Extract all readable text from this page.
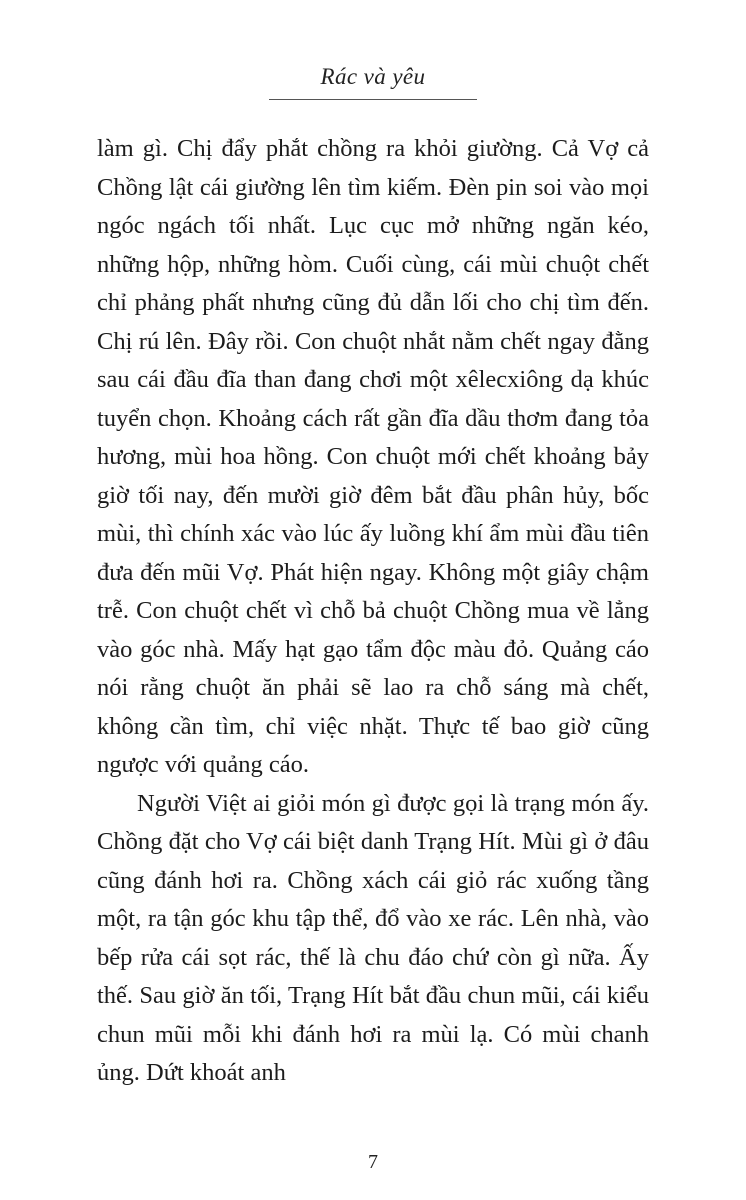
Rác và yêu

làm gì. Chị đẩy phắt chồng ra khỏi giường. Cả Vợ cả Chồng lật cái giường lên tìm kiếm. Đèn pin soi vào mọi ngóc ngách tối nhất. Lục cục mở những ngăn kéo, những hộp, những hòm. Cuối cùng, cái mùi chuột chết chỉ phảng phất nhưng cũng đủ dẫn lối cho chị tìm đến. Chị rú lên. Đây rồi. Con chuột nhắt nằm chết ngay đằng sau cái đầu đĩa than đang chơi một xêlecxiông dạ khúc tuyển chọn. Khoảng cách rất gần đĩa dầu thơm đang tỏa hương, mùi hoa hồng. Con chuột mới chết khoảng bảy giờ tối nay, đến mười giờ đêm bắt đầu phân hủy, bốc mùi, thì chính xác vào lúc ấy luồng khí ẩm mùi đầu tiên đưa đến mũi Vợ. Phát hiện ngay. Không một giây chậm trễ. Con chuột chết vì chỗ bả chuột Chồng mua về lẳng vào góc nhà. Mấy hạt gạo tẩm độc màu đỏ. Quảng cáo nói rằng chuột ăn phải sẽ lao ra chỗ sáng mà chết, không cần tìm, chỉ việc nhặt. Thực tế bao giờ cũng ngược với quảng cáo.

Người Việt ai giỏi món gì được gọi là trạng món ấy. Chồng đặt cho Vợ cái biệt danh Trạng Hít. Mùi gì ở đâu cũng đánh hơi ra. Chồng xách cái giỏ rác xuống tầng một, ra tận góc khu tập thể, đổ vào xe rác. Lên nhà, vào bếp rửa cái sọt rác, thế là chu đáo chứ còn gì nữa. Ấy thế. Sau giờ ăn tối, Trạng Hít bắt đầu chun mũi, cái kiểu chun mũi mỗi khi đánh hơi ra mùi lạ. Có mùi chanh ủng. Dứt khoát anh

7
